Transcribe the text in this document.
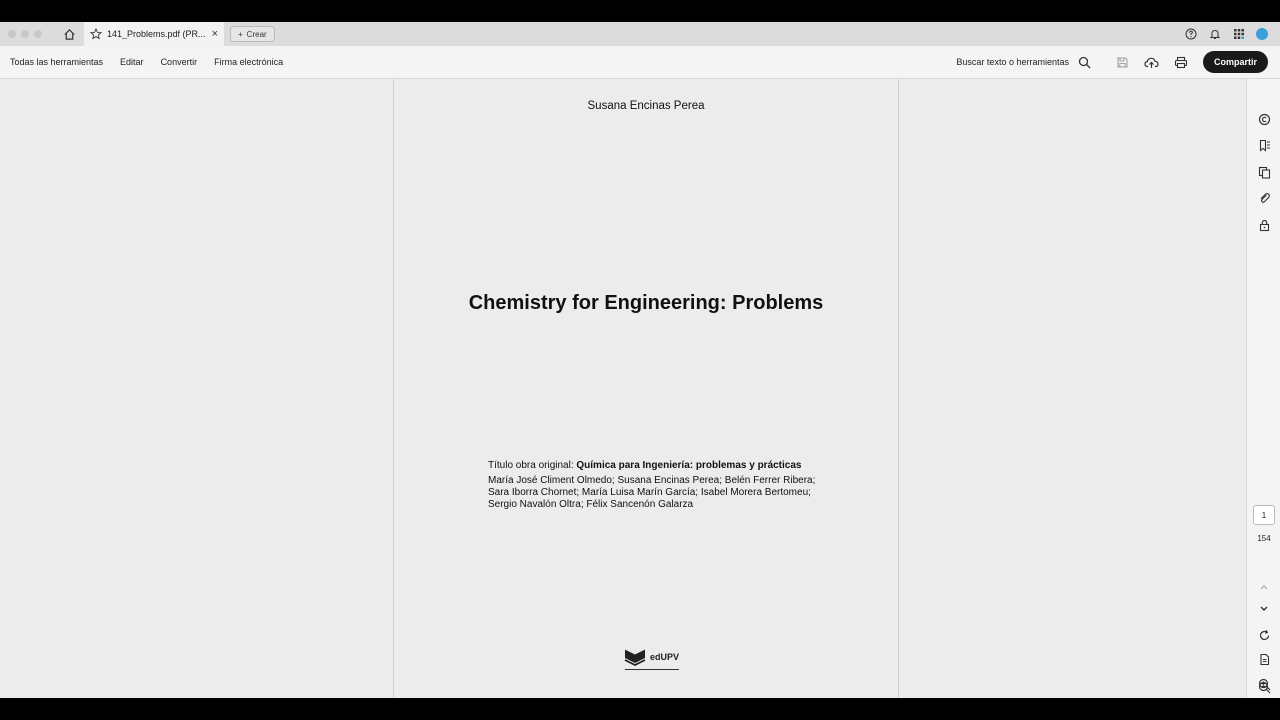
141_Problems.pdf (PR... ×	+ Crear
Todas las herramientas Editar Convertir Firma electrónica	Buscar texto o herramientas	Compartir
Susana Encinas Perea
Chemistry for Engineering: Problems
Título obra original: Química para Ingeniería: problemas y prácticas
María José Climent Olmedo; Susana Encinas Perea; Belén Ferrer Ribera; Sara Iborra Chornet; María Luisa Marín García; Isabel Morera Bertomeu; Sergio Navalón Oltra; Félix Sancenón Galarza
edUPV
1
154
